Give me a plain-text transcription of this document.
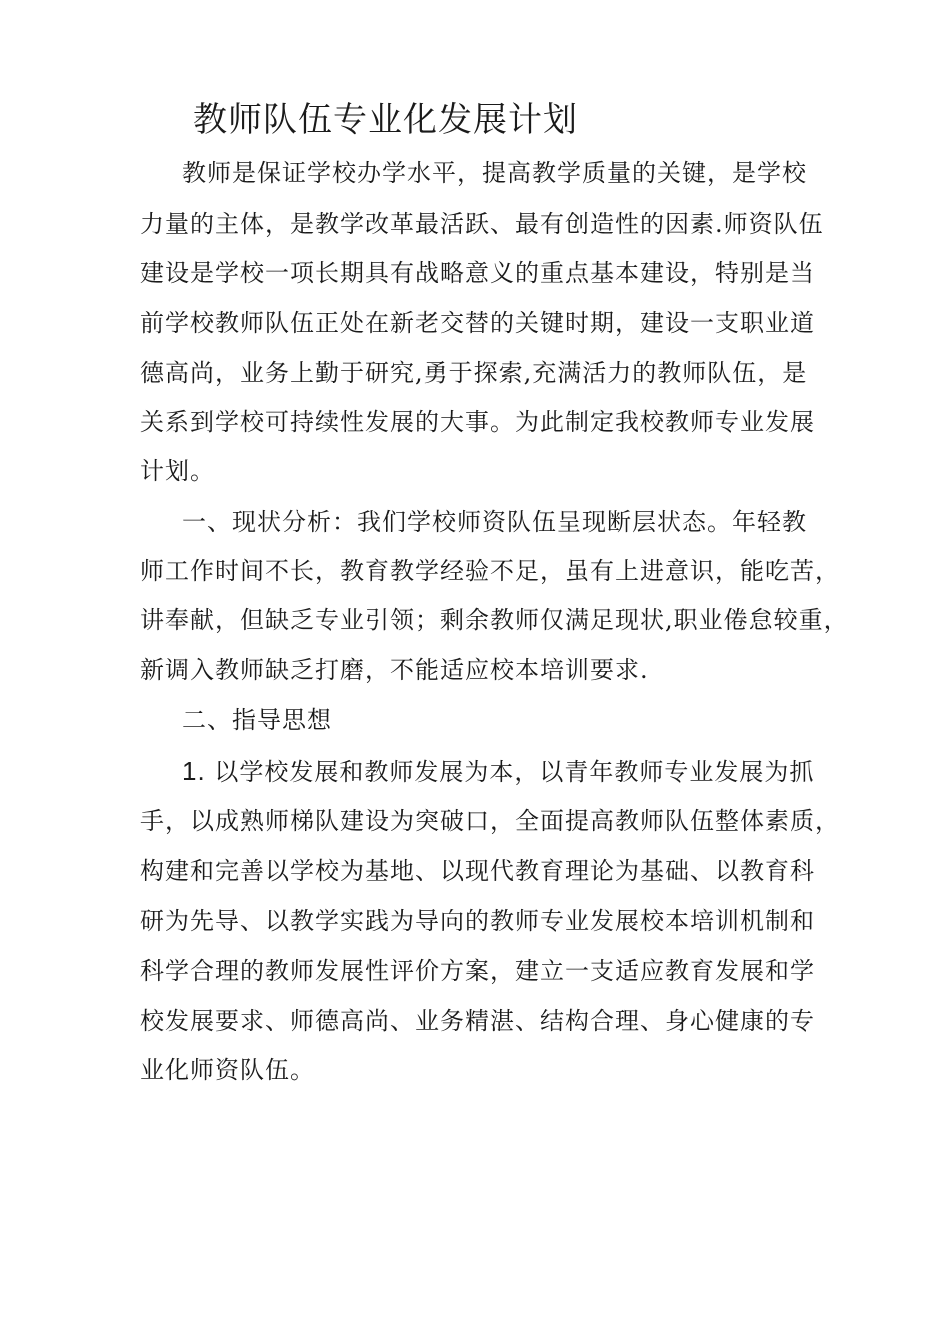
教师队伍专业化发展计划
教师是保证学校办学水平，提高教学质量的关键，是学校
力量的主体，是教学改革最活跃、最有创造性的因素.师资队伍
建设是学校一项长期具有战略意义的重点基本建设，特别是当
前学校教师队伍正处在新老交替的关键时期，建设一支职业道
德高尚，业务上勤于研究,勇于探索,充满活力的教师队伍，是
关系到学校可持续性发展的大事。为此制定我校教师专业发展
计划。
一、现状分析：我们学校师资队伍呈现断层状态。年轻教
师工作时间不长，教育教学经验不足，虽有上进意识，能吃苦，
讲奉献，但缺乏专业引领；剩余教师仅满足现状,职业倦怠较重，
新调入教师缺乏打磨，不能适应校本培训要求.
二、指导思想
1. 以学校发展和教师发展为本，以青年教师专业发展为抓
手，以成熟师梯队建设为突破口，全面提高教师队伍整体素质，
构建和完善以学校为基地、以现代教育理论为基础、以教育科
研为先导、以教学实践为导向的教师专业发展校本培训机制和
科学合理的教师发展性评价方案，建立一支适应教育发展和学
校发展要求、师德高尚、业务精湛、结构合理、身心健康的专
业化师资队伍。
